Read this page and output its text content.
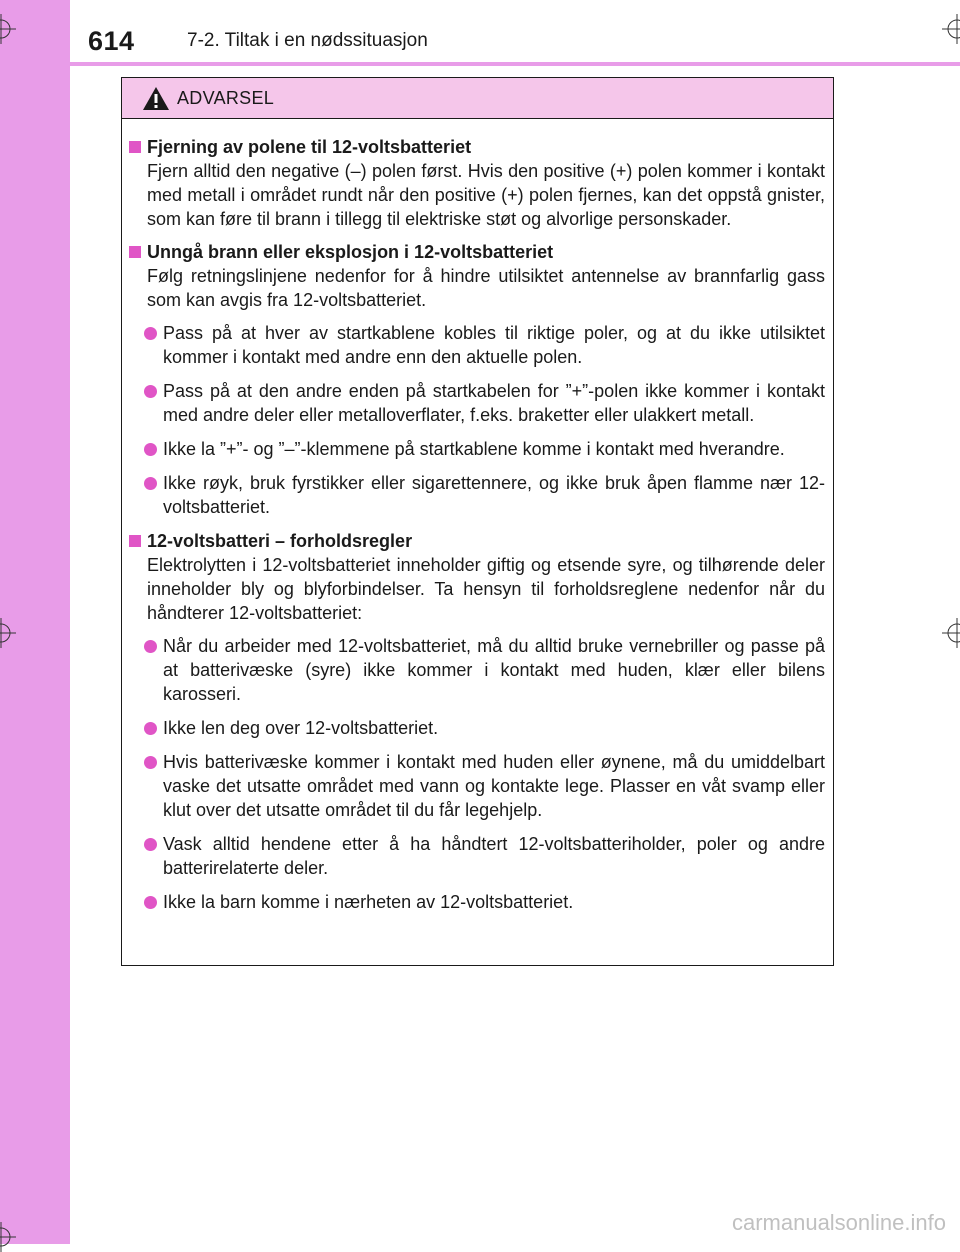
614	7-2. Tiltak i en nødssituasjon
ADVARSEL
Fjerning av polene til 12-voltsbatteriet
Fjern alltid den negative (–) polen først. Hvis den positive (+) polen kommer i kontakt med metall i området rundt når den positive (+) polen fjernes, kan det oppstå gnister, som kan føre til brann i tillegg til elektriske støt og alvorlige personskader.
Unngå brann eller eksplosjon i 12-voltsbatteriet
Følg retningslinjene nedenfor for å hindre utilsiktet antennelse av brannfarlig gass som kan avgis fra 12-voltsbatteriet.
Pass på at hver av startkablene kobles til riktige poler, og at du ikke utilsiktet kommer i kontakt med andre enn den aktuelle polen.
Pass på at den andre enden på startkabelen for ”+”-polen ikke kommer i kontakt med andre deler eller metalloverflater, f.eks. braketter eller ulakkert metall.
Ikke la ”+”- og ”–”-klemmene på startkablene komme i kontakt med hverandre.
Ikke røyk, bruk fyrstikker eller sigarettennere, og ikke bruk åpen flamme nær 12-voltsbatteriet.
12-voltsbatteri – forholdsregler
Elektrolytten i 12-voltsbatteriet inneholder giftig og etsende syre, og tilhørende deler inneholder bly og blyforbindelser. Ta hensyn til forholdsreglene nedenfor når du håndterer 12-voltsbatteriet:
Når du arbeider med 12-voltsbatteriet, må du alltid bruke vernebriller og passe på at batterivæske (syre) ikke kommer i kontakt med huden, klær eller bilens karosseri.
Ikke len deg over 12-voltsbatteriet.
Hvis batterivæske kommer i kontakt med huden eller øynene, må du umiddelbart vaske det utsatte området med vann og kontakte lege. Plasser en våt svamp eller klut over det utsatte området til du får legehjelp.
Vask alltid hendene etter å ha håndtert 12-voltsbatteriholder, poler og andre batterirelaterte deler.
Ikke la barn komme i nærheten av 12-voltsbatteriet.
carmanualsonline.info
